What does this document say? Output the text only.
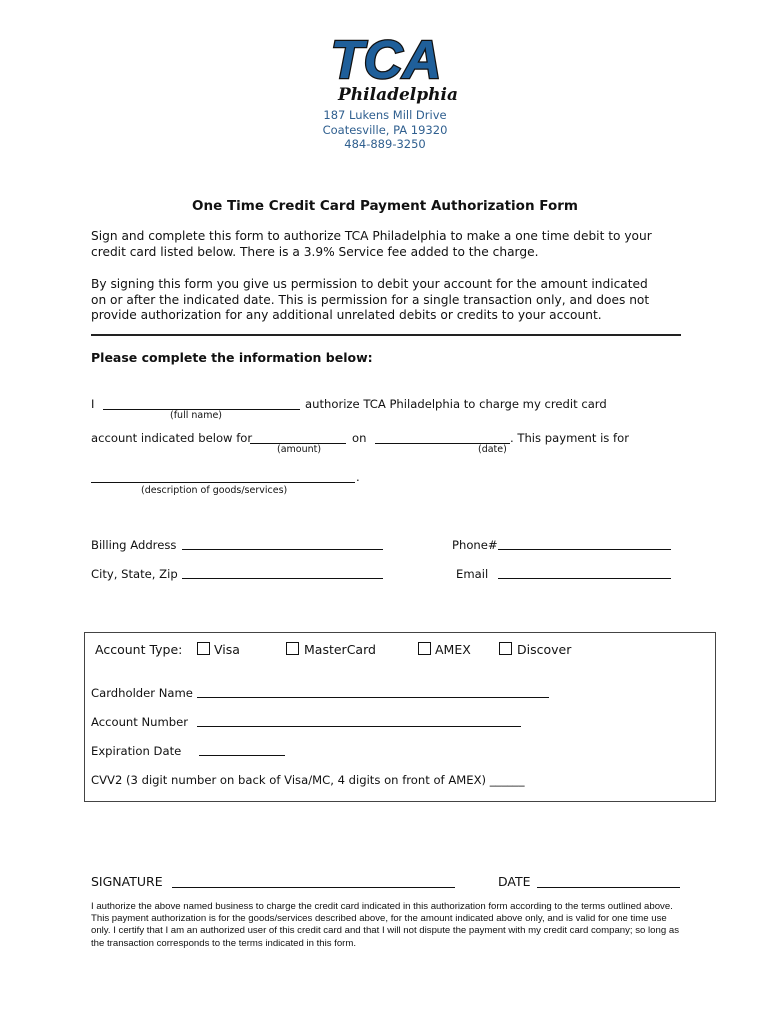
TCA
Philadelphia
187 Lukens Mill Drive
Coatesville, PA 19320
484-889-3250
One Time Credit Card Payment Authorization Form
Sign and complete this form to authorize TCA Philadelphia to make a one time debit to your
credit card listed below. There is a 3.9% Service fee added to the charge.
By signing this form you give us permission to debit your account for the amount indicated
on or after the indicated date. This is permission for a single transaction only, and does not
provide authorization for any additional unrelated debits or credits to your account.
Please complete the information below:
I	authorize TCA Philadelphia to charge my credit card
(full name)
account indicated below for	on	. This payment is for
(amount)	(date)
.
(description of goods/services)
Billing Address	Phone#
City, State, Zip	Email
Account Type:	Visa	MasterCard	AMEX	Discover
Cardholder Name
Account Number
Expiration Date
CVV2 (3 digit number on back of Visa/MC, 4 digits on front of AMEX) ______
SIGNATURE	DATE
I authorize the above named business to charge the credit card indicated in this authorization form according to the terms outlined above. This payment authorization is for the goods/services described above, for the amount indicated above only, and is valid for one time use only. I certify that I am an authorized user of this credit card and that I will not dispute the payment with my credit card company; so long as the transaction corresponds to the terms indicated in this form.
